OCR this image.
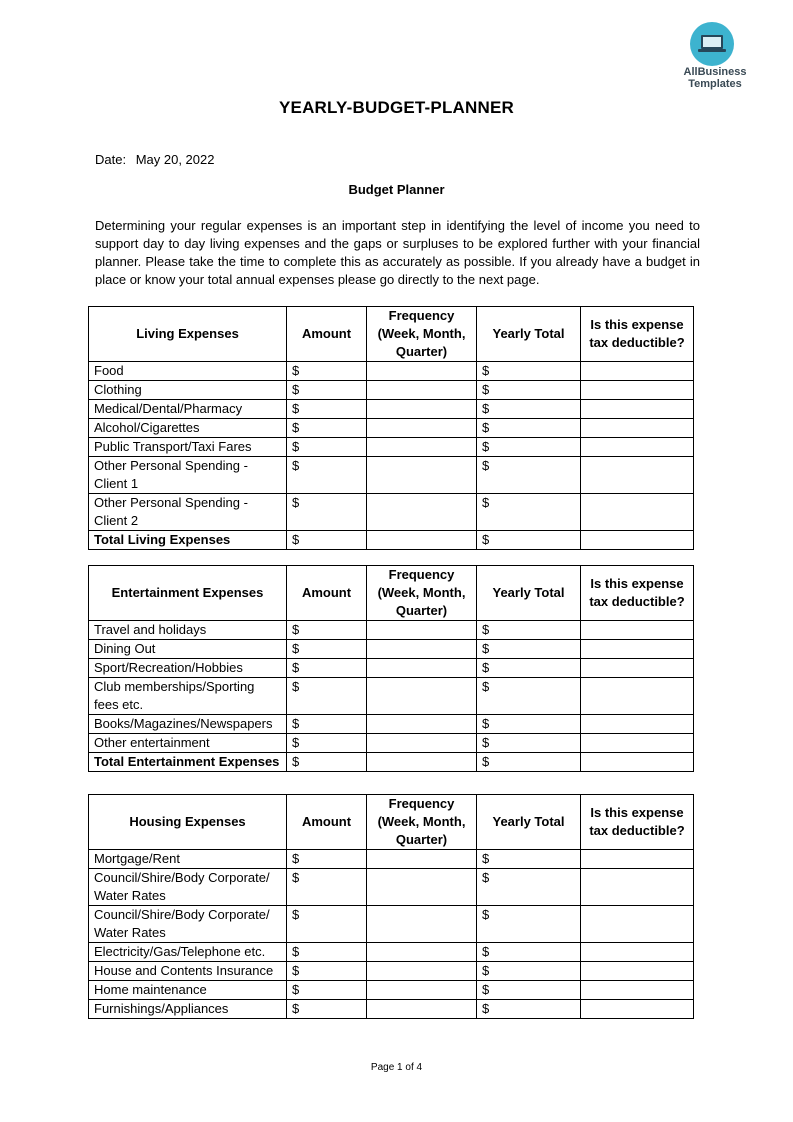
AllBusiness
Templates
YEARLY-BUDGET-PLANNER
Date: May 20, 2022
Budget Planner
Determining your regular expenses is an important step in identifying the level of income you need to support day to day living expenses and the gaps or surpluses to be explored further with your financial planner. Please take the time to complete this as accurately as possible. If you already have a budget in place or know your total annual expenses please go directly to the next page.
Living Expenses	Amount	Frequency (Week, Month, Quarter)	Yearly Total	Is this expense tax deductible?
Food	$		$	
Clothing	$		$	
Medical/Dental/Pharmacy	$		$	
Alcohol/Cigarettes	$		$	
Public Transport/Taxi Fares	$		$	
Other Personal Spending - Client 1	$		$	
Other Personal Spending - Client 2	$		$	
Total Living Expenses	$		$	
Entertainment Expenses	Amount	Frequency (Week, Month, Quarter)	Yearly Total	Is this expense tax deductible?
Travel and holidays	$		$	
Dining Out	$		$	
Sport/Recreation/Hobbies	$		$	
Club memberships/Sporting fees etc.	$		$	
Books/Magazines/Newspapers	$		$	
Other entertainment	$		$	
Total Entertainment Expenses	$		$	
Housing Expenses	Amount	Frequency (Week, Month, Quarter)	Yearly Total	Is this expense tax deductible?
Mortgage/Rent	$		$	
Council/Shire/Body Corporate/ Water Rates	$		$	
Council/Shire/Body Corporate/ Water Rates	$		$	
Electricity/Gas/Telephone etc.	$		$	
House and Contents Insurance	$		$	
Home maintenance	$		$	
Furnishings/Appliances	$		$	
Page 1 of 4
